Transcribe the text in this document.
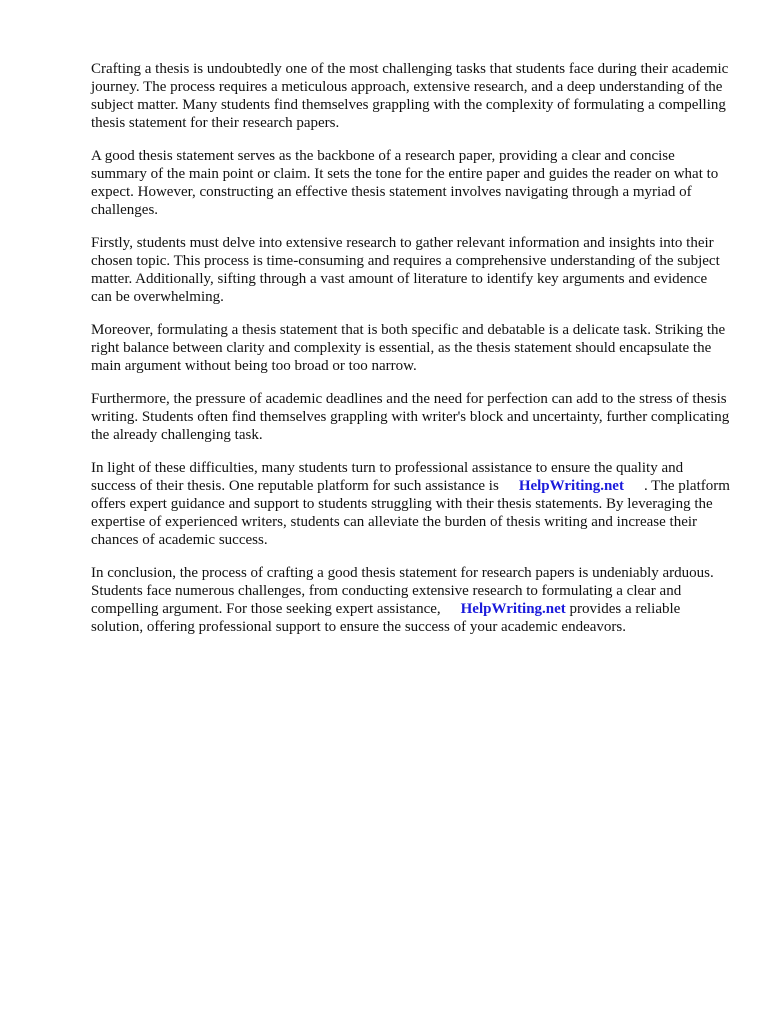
Crafting a thesis is undoubtedly one of the most challenging tasks that students face during their academic journey. The process requires a meticulous approach, extensive research, and a deep understanding of the subject matter. Many students find themselves grappling with the complexity of formulating a compelling thesis statement for their research papers.

A good thesis statement serves as the backbone of a research paper, providing a clear and concise summary of the main point or claim. It sets the tone for the entire paper and guides the reader on what to expect. However, constructing an effective thesis statement involves navigating through a myriad of challenges.

Firstly, students must delve into extensive research to gather relevant information and insights into their chosen topic. This process is time-consuming and requires a comprehensive understanding of the subject matter. Additionally, sifting through a vast amount of literature to identify key arguments and evidence can be overwhelming.

Moreover, formulating a thesis statement that is both specific and debatable is a delicate task. Striking the right balance between clarity and complexity is essential, as the thesis statement should encapsulate the main argument without being too broad or too narrow.

Furthermore, the pressure of academic deadlines and the need for perfection can add to the stress of thesis writing. Students often find themselves grappling with writer's block and uncertainty, further complicating the already challenging task.

In light of these difficulties, many students turn to professional assistance to ensure the quality and success of their thesis. One reputable platform for such assistance is HelpWriting.net . The platform offers expert guidance and support to students struggling with their thesis statements. By leveraging the expertise of experienced writers, students can alleviate the burden of thesis writing and increase their chances of academic success.

In conclusion, the process of crafting a good thesis statement for research papers is undeniably arduous. Students face numerous challenges, from conducting extensive research to formulating a clear and compelling argument. For those seeking expert assistance, HelpWriting.net provides a reliable solution, offering professional support to ensure the success of your academic endeavors.
